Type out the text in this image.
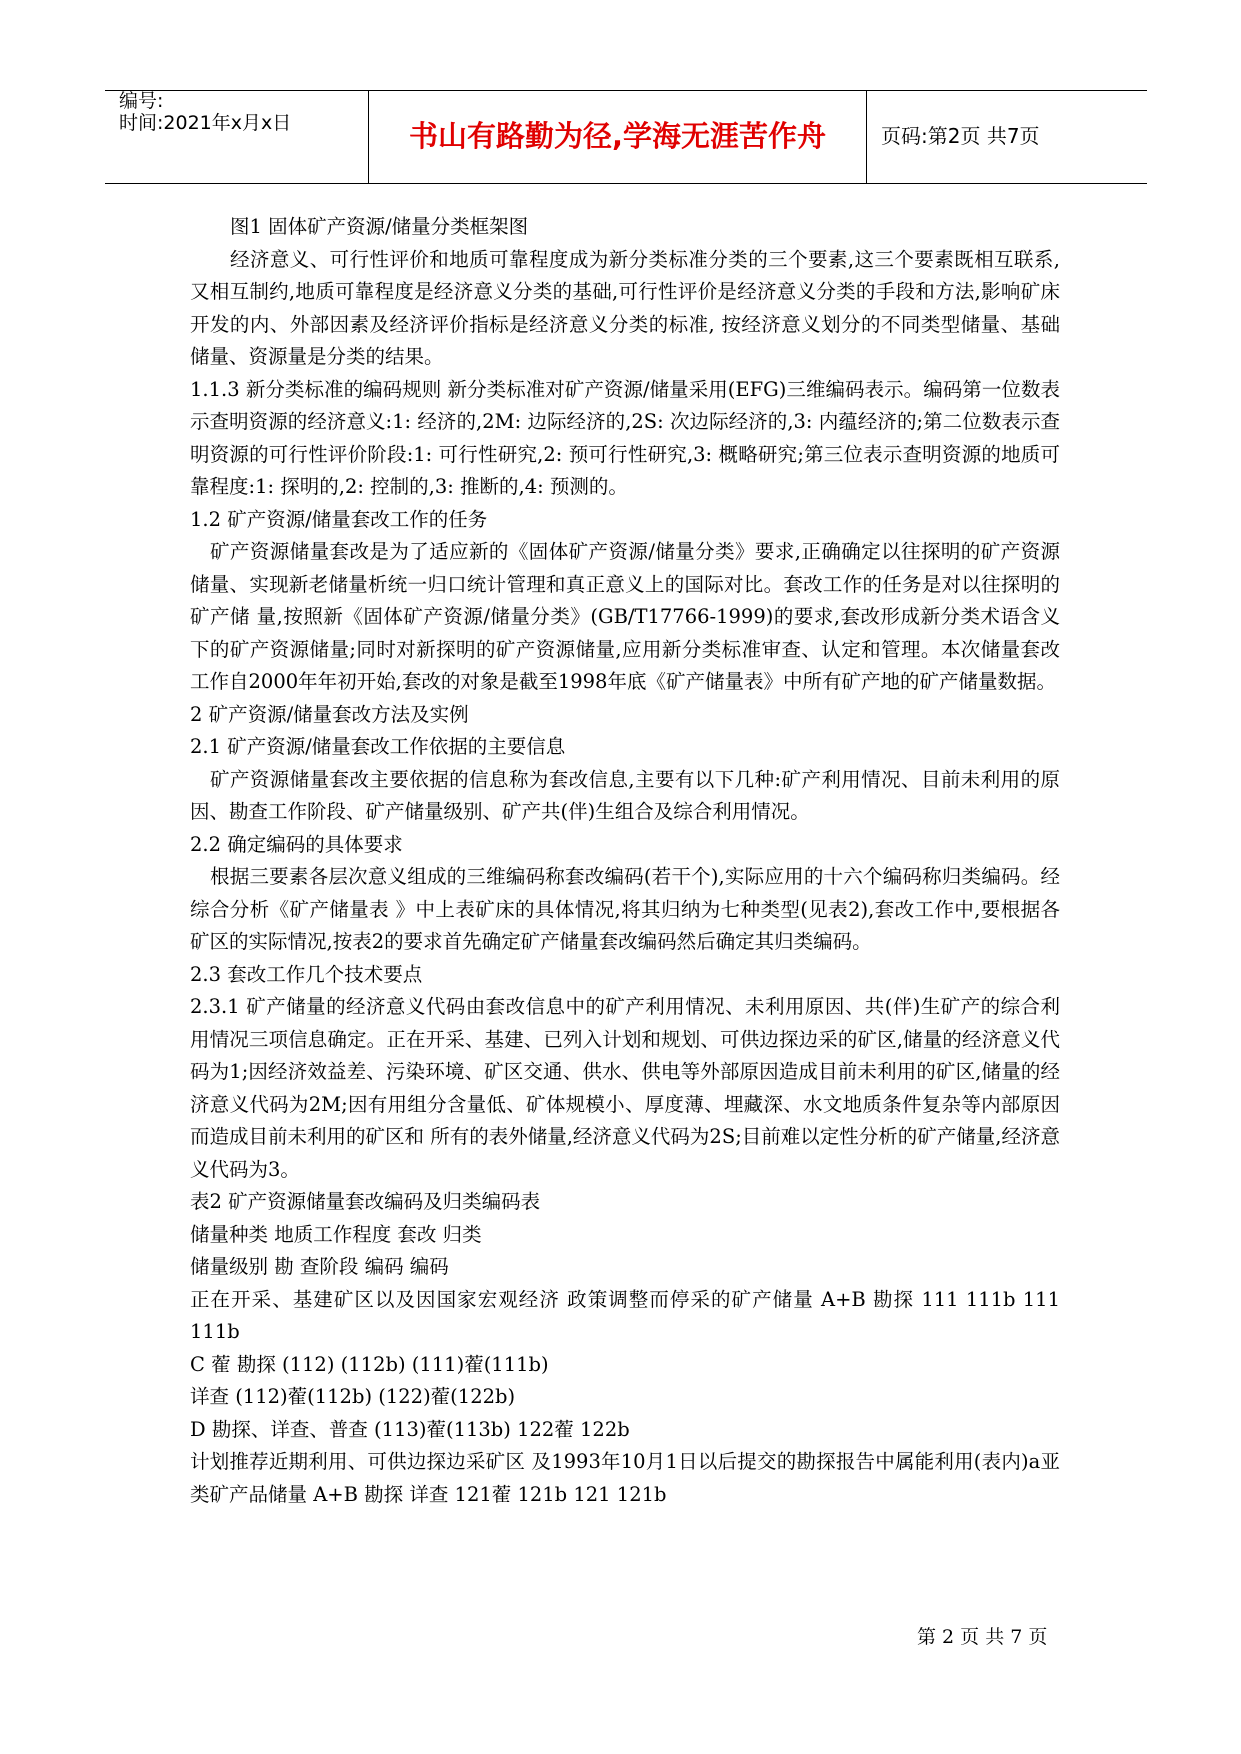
编号:
时间:2021年x月x日	书山有路勤为径,学海无涯苦作舟	页码:第2页 共7页

图1 固体矿产资源/储量分类框架图

经济意义、可行性评价和地质可靠程度成为新分类标准分类的三个要素,这三个要素既相互联系,又相互制约,地质可靠程度是经济意义分类的基础,可行性评价是经济意义分类的手段和方法,影响矿床开发的内、外部因素及经济评价指标是经济意义分类的标准, 按经济意义划分的不同类型储量、基础储量、资源量是分类的结果。

1.1.3 新分类标准的编码规则 新分类标准对矿产资源/储量采用(EFG)三维编码表示。编码第一位数表示查明资源的经济意义:1: 经济的,2M: 边际经济的,2S: 次边际经济的,3: 内蕴经济的;第二位数表示查明资源的可行性评价阶段:1: 可行性研究,2: 预可行性研究,3: 概略研究;第三位表示查明资源的地质可靠程度:1: 探明的,2: 控制的,3: 推断的,4: 预测的。

1.2 矿产资源/储量套改工作的任务

矿产资源储量套改是为了适应新的《固体矿产资源/储量分类》要求,正确确定以往探明的矿产资源储量、实现新老储量析统一归口统计管理和真正意义上的国际对比。套改工作的任务是对以往探明的矿产储 量,按照新《固体矿产资源/储量分类》(GB/T17766-1999)的要求,套改形成新分类术语含义下的矿产资源储量;同时对新探明的矿产资源储量,应用新分类标准审查、认定和管理。本次储量套改工作自2000年年初开始,套改的对象是截至1998年底《矿产储量表》中所有矿产地的矿产储量数据。

2 矿产资源/储量套改方法及实例

2.1 矿产资源/储量套改工作依据的主要信息

矿产资源储量套改主要依据的信息称为套改信息,主要有以下几种:矿产利用情况、目前未利用的原因、勘查工作阶段、矿产储量级别、矿产共(伴)生组合及综合利用情况。

2.2 确定编码的具体要求

根据三要素各层次意义组成的三维编码称套改编码(若干个),实际应用的十六个编码称归类编码。经综合分析《矿产储量表 》中上表矿床的具体情况,将其归纳为七种类型(见表2),套改工作中,要根据各矿区的实际情况,按表2的要求首先确定矿产储量套改编码然后确定其归类编码。

2.3 套改工作几个技术要点

2.3.1 矿产储量的经济意义代码由套改信息中的矿产利用情况、未利用原因、共(伴)生矿产的综合利用情况三项信息确定。正在开采、基建、已列入计划和规划、可供边探边采的矿区,储量的经济意义代码为1;因经济效益差、污染环境、矿区交通、供水、供电等外部原因造成目前未利用的矿区,储量的经济意义代码为2M;因有用组分含量低、矿体规模小、厚度薄、埋藏深、水文地质条件复杂等内部原因而造成目前未利用的矿区和 所有的表外储量,经济意义代码为2S;目前难以定性分析的矿产储量,经济意义代码为3。

表2 矿产资源储量套改编码及归类编码表

储量种类 地质工作程度 套改 归类

储量级别 勘 查阶段 编码 编码

正在开采、基建矿区以及因国家宏观经济 政策调整而停采的矿产储量 A+B 勘探 111 111b 111 111b

C 蒮 勘探 (112) (112b) (111)蒮(111b)

详查 (112)蒮(112b) (122)蒮(122b)

D 勘探、详查、普查 (113)蒮(113b) 122蒮 122b

计划推荐近期利用、可供边探边采矿区 及1993年10月1日以后提交的勘探报告中属能利用(表内)a亚类矿产品储量 A+B 勘探 详查 121蒮 121b 121 121b

第 2 页 共 7 页
